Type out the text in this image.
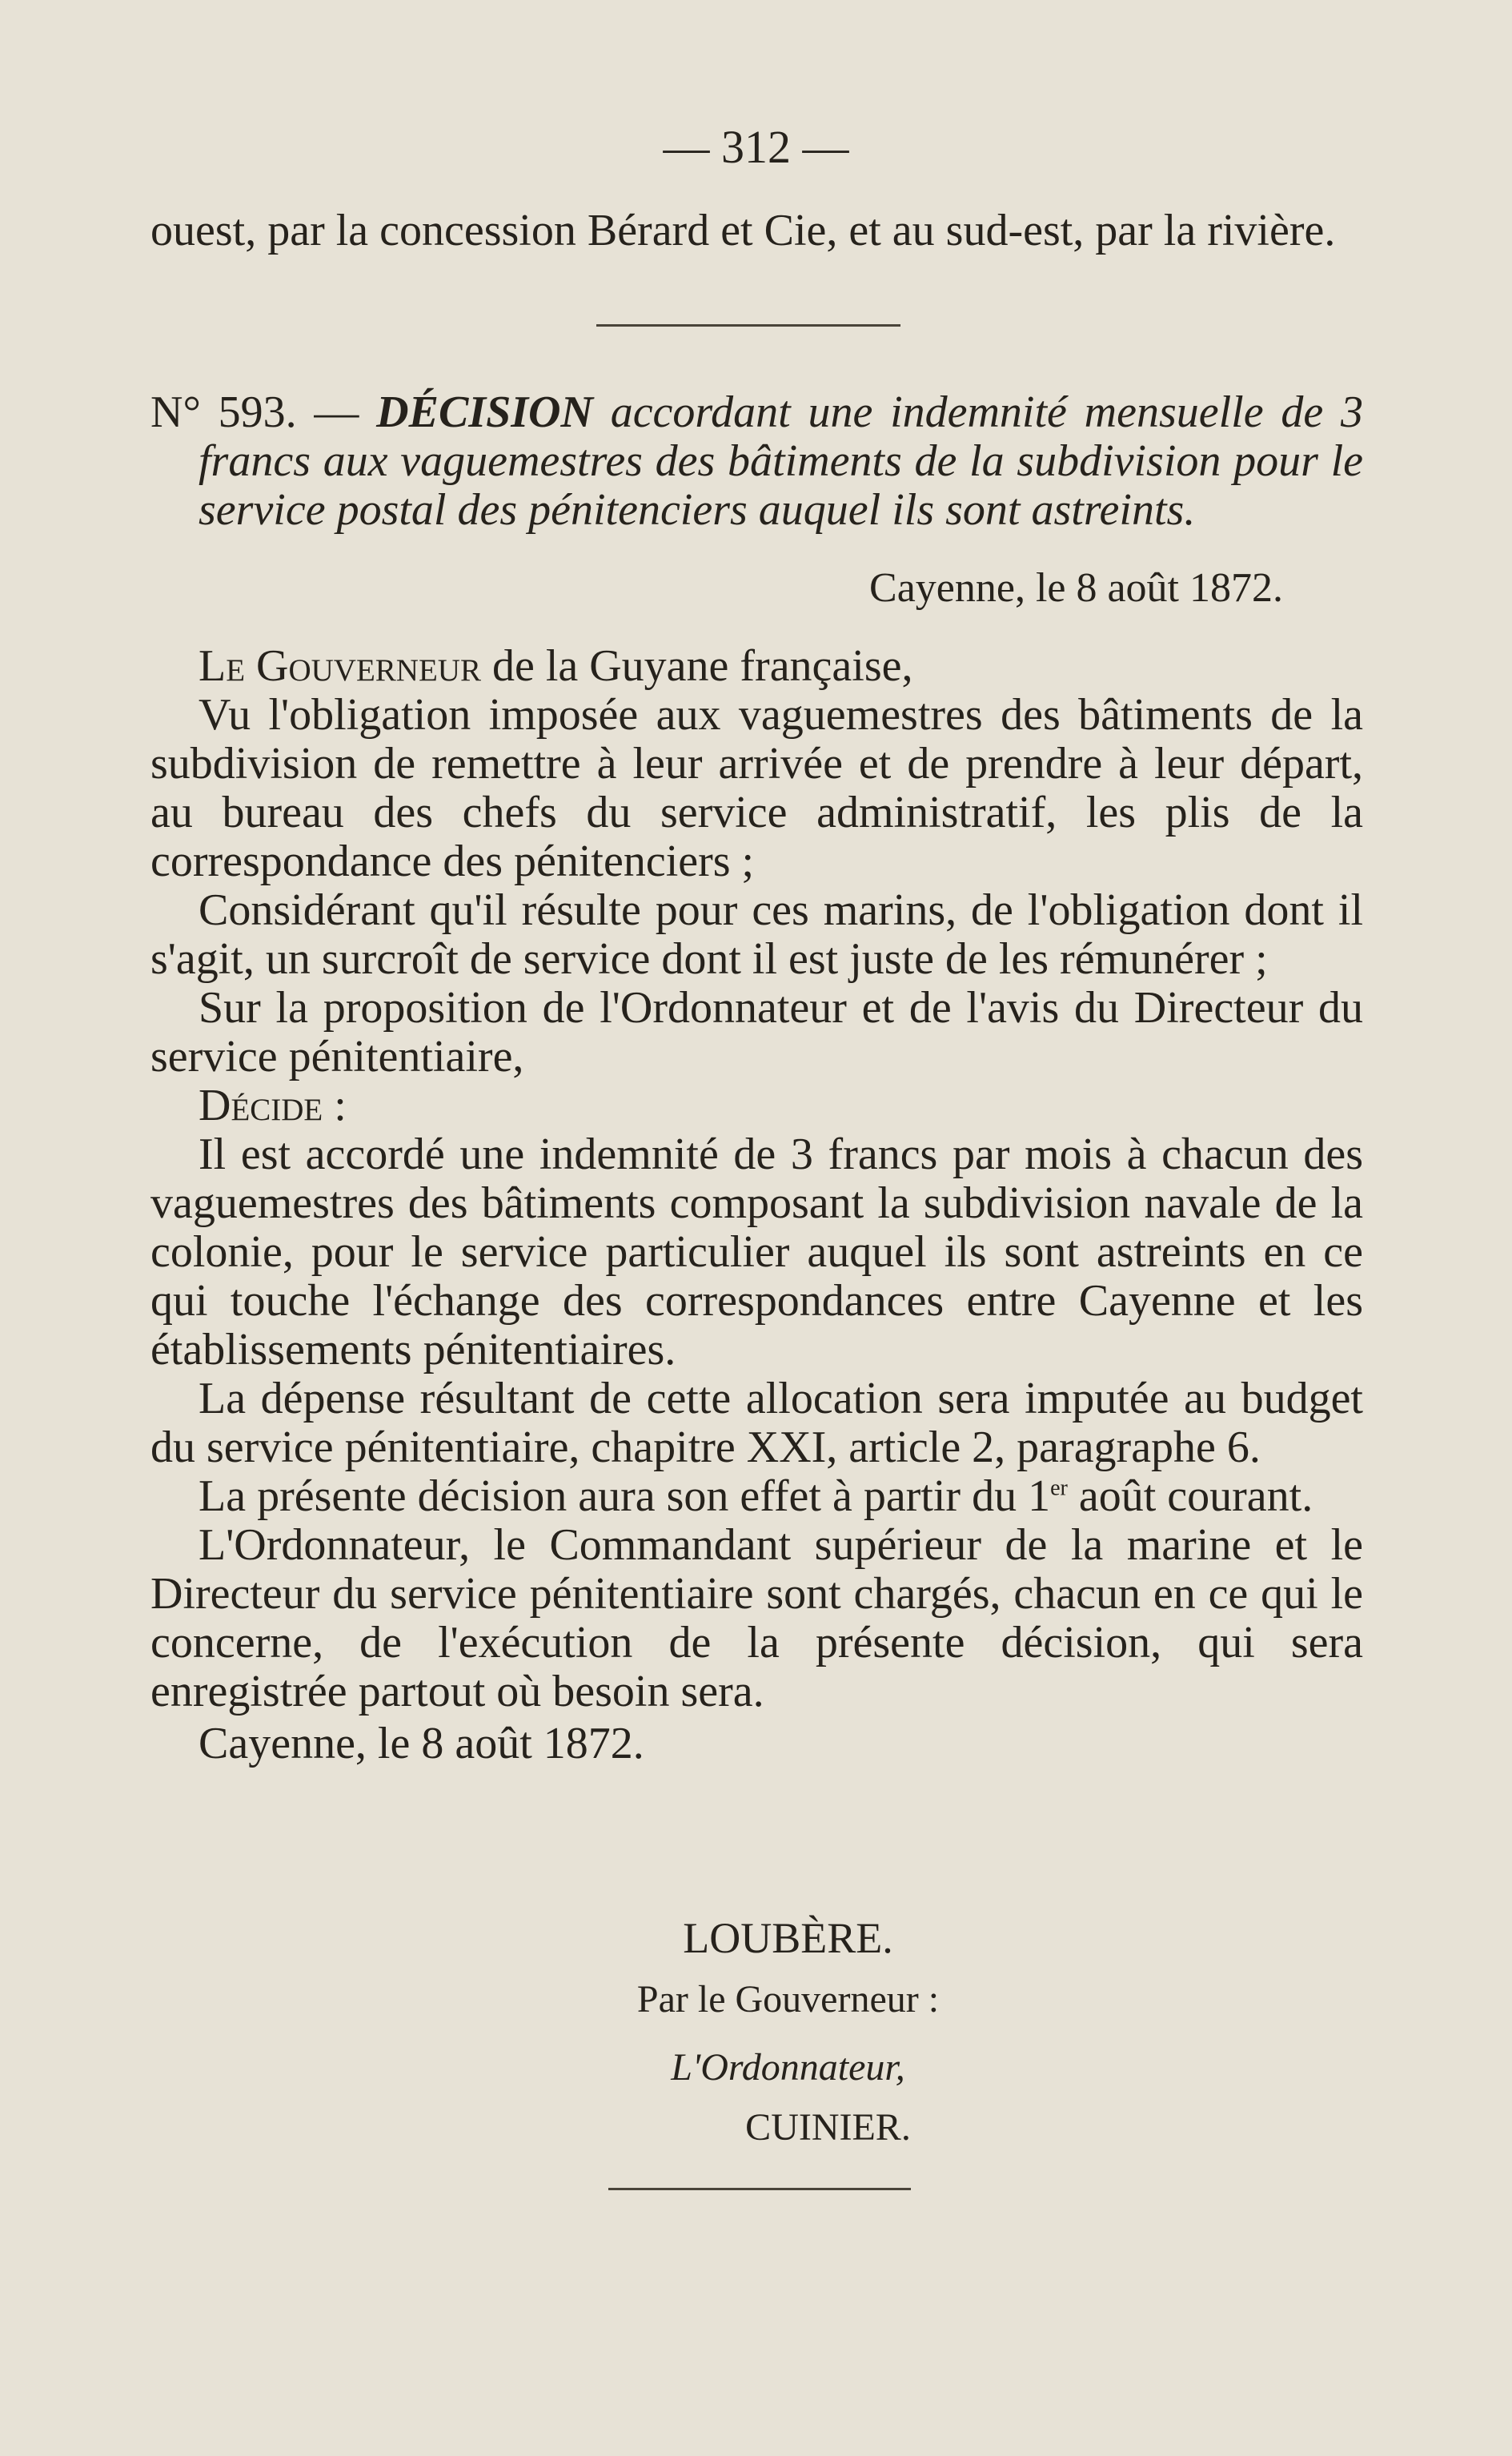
— 312 —

ouest, par la concession Bérard et Cie, et au sud-est, par la rivière.

N° 593. — DÉCISION accordant une indemnité mensuelle de 3 francs aux vaguemestres des bâtiments de la subdivision pour le service postal des pénitenciers auquel ils sont astreints.

Cayenne, le 8 août 1872.

Le Gouverneur de la Guyane française,

Vu l'obligation imposée aux vaguemestres des bâtiments de la subdivision de remettre à leur arrivée et de prendre à leur départ, au bureau des chefs du service administratif, les plis de la correspondance des pénitenciers ;

Considérant qu'il résulte pour ces marins, de l'obligation dont il s'agit, un surcroît de service dont il est juste de les rémunérer ;

Sur la proposition de l'Ordonnateur et de l'avis du Directeur du service pénitentiaire,

Décide :

Il est accordé une indemnité de 3 francs par mois à chacun des vaguemestres des bâtiments composant la subdivision navale de la colonie, pour le service particulier auquel ils sont astreints en ce qui touche l'échange des correspondances entre Cayenne et les établissements pénitentiaires.

La dépense résultant de cette allocation sera imputée au budget du service pénitentiaire, chapitre XXI, article 2, paragraphe 6.

La présente décision aura son effet à partir du 1er août courant.

L'Ordonnateur, le Commandant supérieur de la marine et le Directeur du service pénitentiaire sont chargés, chacun en ce qui le concerne, de l'exécution de la présente décision, qui sera enregistrée partout où besoin sera.

Cayenne, le 8 août 1872.

LOUBÈRE.
Par le Gouverneur :
L'Ordonnateur,
CUINIER.
